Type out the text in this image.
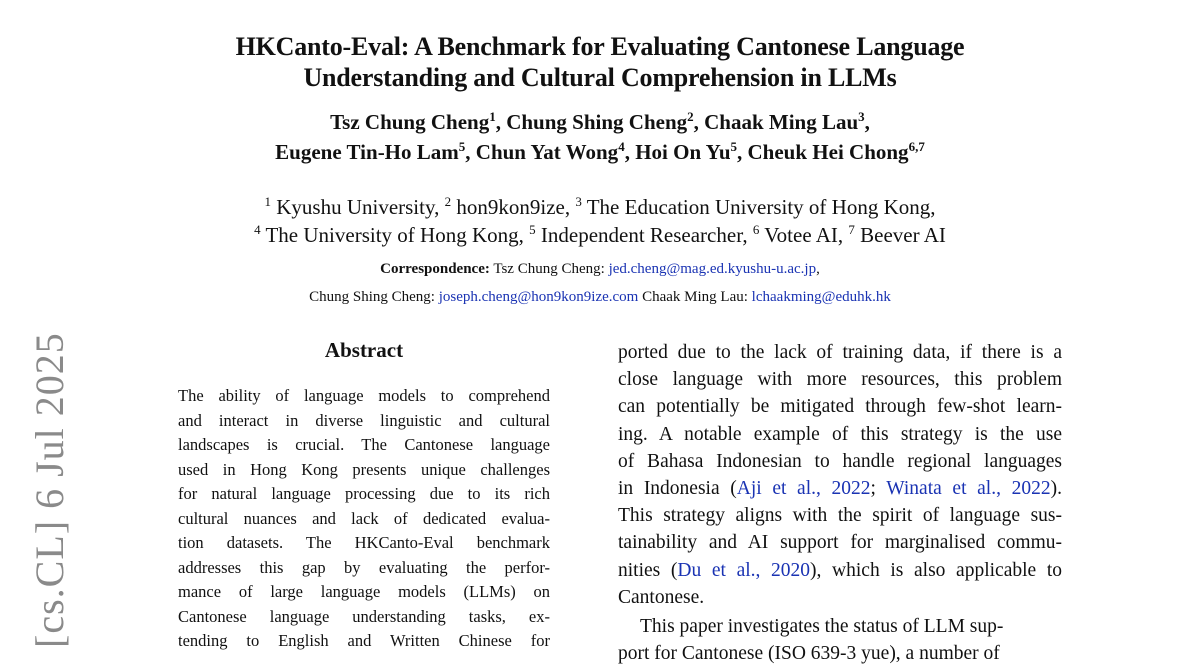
HKCanto-Eval: A Benchmark for Evaluating Cantonese Language
Understanding and Cultural Comprehension in LLMs
Tsz Chung Cheng$^1$, Chung Shing Cheng$^2$, Chaak Ming Lau$^3$,
Eugene Tin-Ho Lam$^5$, Chun Yat Wong$^4$, Hoi On Yu$^5$, Cheuk Hei Chong$^{6,7}$
$^1$ Kyushu University, $^2$ hon9kon9ize, $^3$ The Education University of Hong Kong,
$^4$ The University of Hong Kong, $^5$ Independent Researcher, $^6$ Votee AI, $^7$ Beever AI
Correspondence: Tsz Chung Cheng: jed.cheng@mag.ed.kyushu-u.ac.jp,
Chung Shing Cheng: joseph.cheng@hon9kon9ize.com Chaak Ming Lau: lchaakming@eduhk.hk
Abstract
The ability of language models to comprehend
and interact in diverse linguistic and cultural
landscapes is crucial. The Cantonese language
used in Hong Kong presents unique challenges
for natural language processing due to its rich
cultural nuances and lack of dedicated evalua-
tion datasets. The HKCanto-Eval benchmark
addresses this gap by evaluating the perfor-
mance of large language models (LLMs) on
Cantonese language understanding tasks, ex-
tending to English and Written Chinese for
ported due to the lack of training data, if there is a
close language with more resources, this problem
can potentially be mitigated through few-shot learn-
ing. A notable example of this strategy is the use
of Bahasa Indonesian to handle regional languages
in Indonesia (Aji et al., 2022; Winata et al., 2022).
This strategy aligns with the spirit of language sus-
tainability and AI support for marginalised commu-
nities (Du et al., 2020), which is also applicable to
Cantonese.
This paper investigates the status of LLM sup-
port for Cantonese (ISO 639-3 yue), a number of
[cs.CL] 6 Jul 2025
